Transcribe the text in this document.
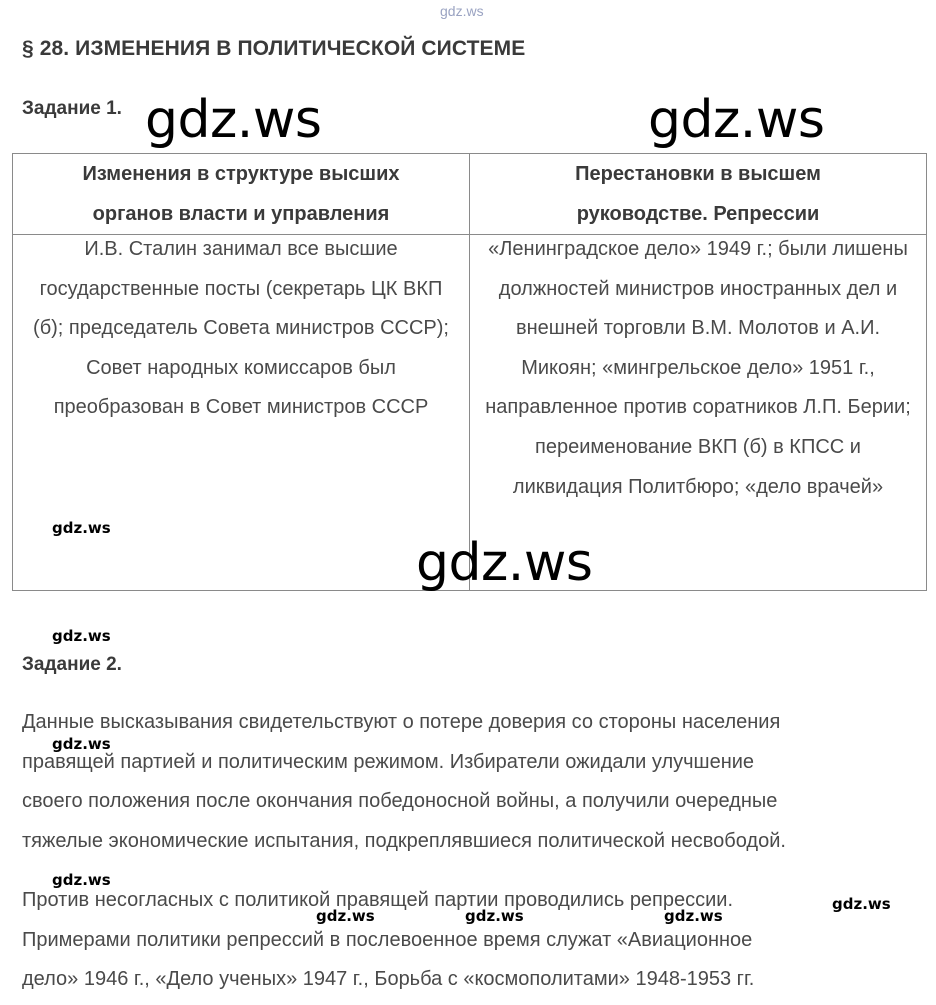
gdz.ws
§ 28. ИЗМЕНЕНИЯ В ПОЛИТИЧЕСКОЙ СИСТЕМЕ
Задание 1.
Изменения в структуре высших органов власти и управления	Перестановки в высшем руководстве. Репрессии

И.В. Сталин занимал все высшие государственные посты (секретарь ЦК ВКП (б); председатель Совета министров СССР); Совет народных комиссаров был преобразован в Совет министров СССР	«Ленинградское дело» 1949 г.; были лишены должностей министров иностранных дел и внешней торговли В.М. Молотов и А.И. Микоян; «мингрельское дело» 1951 г., направленное против соратников Л.П. Берии; переименование ВКП (б) в КПСС и ликвидация Политбюро; «дело врачей»
Задание 2.
Данные высказывания свидетельствуют о потере доверия со стороны населения
правящей партией и политическим режимом. Избиратели ожидали улучшение
своего положения после окончания победоносной войны, а получили очередные
тяжелые экономические испытания, подкреплявшиеся политической несвободой.
Против несогласных с политикой правящей партии проводились репрессии.
Примерами политики репрессий в послевоенное время служат «Авиационное
дело» 1946 г., «Дело ученых» 1947 г., Борьба с «космополитами» 1948-1953 гг.
gdz.ws	gdz.ws
gdz.ws
gdz.ws
gdz.ws
gdz.ws
gdz.ws
gdz.ws	gdz.ws	gdz.ws
gdz.ws
